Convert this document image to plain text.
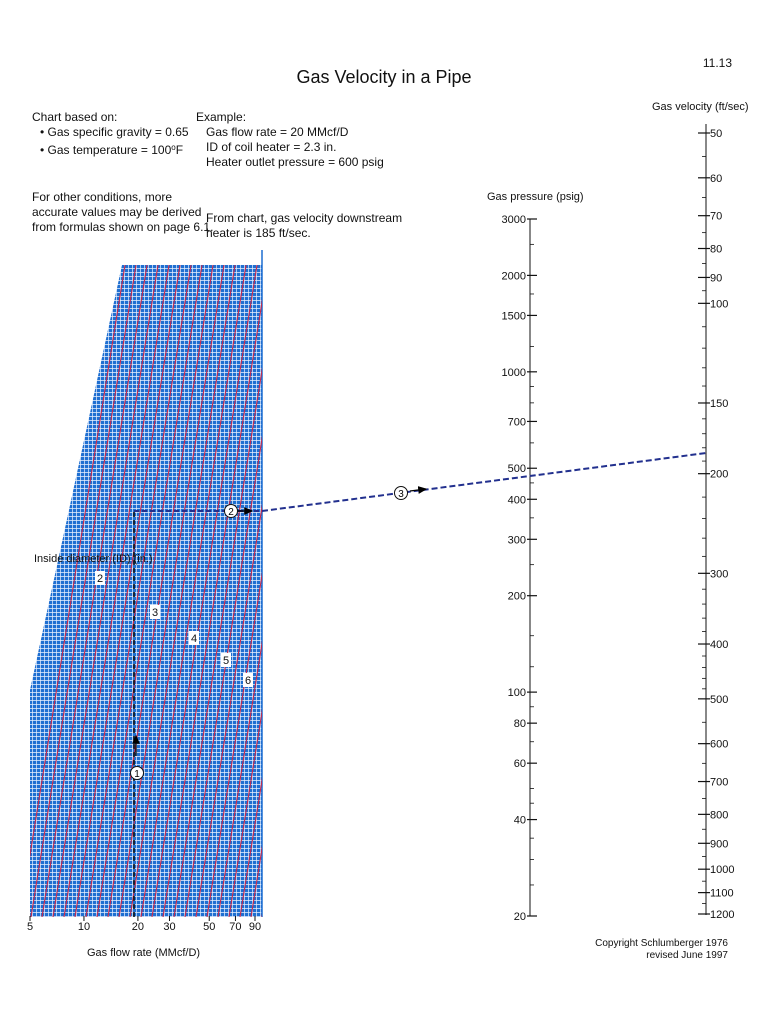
11.13
Gas Velocity in a Pipe
Chart based on:
• Gas specific gravity = 0.65
• Gas temperature = $100^oF$
Example:
Gas flow rate = 20 MMcf/D
ID of coil heater = 2.3 in.
Heater outlet pressure = 600 psig
For other conditions, more
accurate values may be derived
from formulas shown on page 6.1.
From chart, gas velocity downstream
heater is 185 ft/sec.
Copyright Schlumberger 1976
revised June 1997
Inside diameter (ID) (in.)
2
3
4
5
6
5	10	20 30	50 70 90
Gas flow rate (MMcf/D)
3000
2000
1500
1000
700
500
400
300
200
100
80
60
40
20
Gas pressure (psig)
50
60
70
80
90
100
150
200
300
400
500
600
700
800
900
1000
1100
1200
Gas velocity (ft/sec)
1
2
3
